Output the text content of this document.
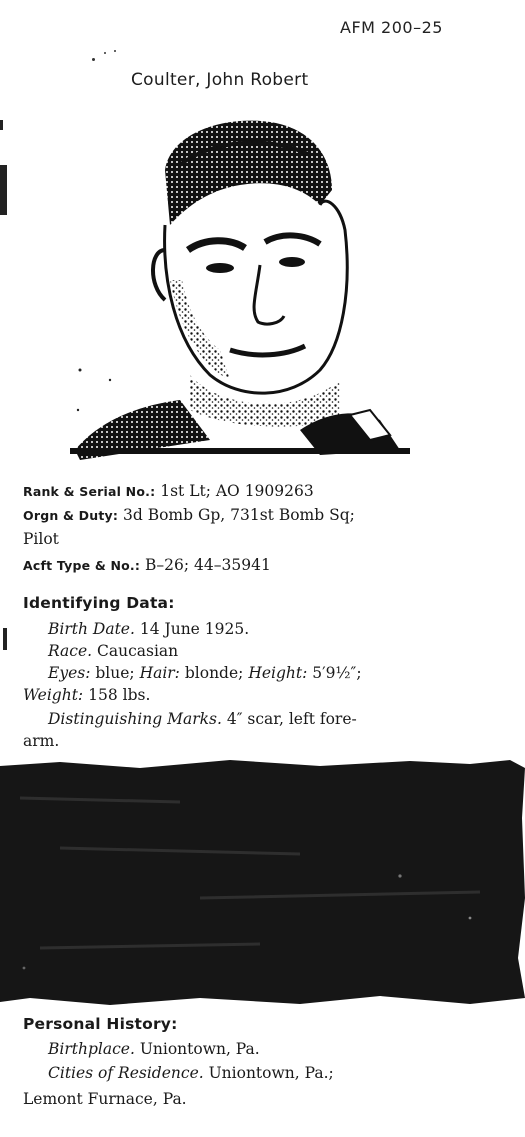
AFM 200–25
Coulter, John Robert
Rank & Serial No.: 1st Lt; AO 1909263
Orgn & Duty: 3d Bomb Gp, 731st Bomb Sq;
Pilot
Acft Type & No.: B–26; 44–35941
Identifying Data:
Birth Date. 14 June 1925.
Race. Caucasian
Eyes: blue; Hair: blonde; Height: 5′9½″;
Weight: 158 lbs.
Distinguishing Marks. 4″ scar, left fore-
arm.
Personal History:
Birthplace. Uniontown, Pa.
Cities of Residence. Uniontown, Pa.;
Lemont Furnace, Pa.
